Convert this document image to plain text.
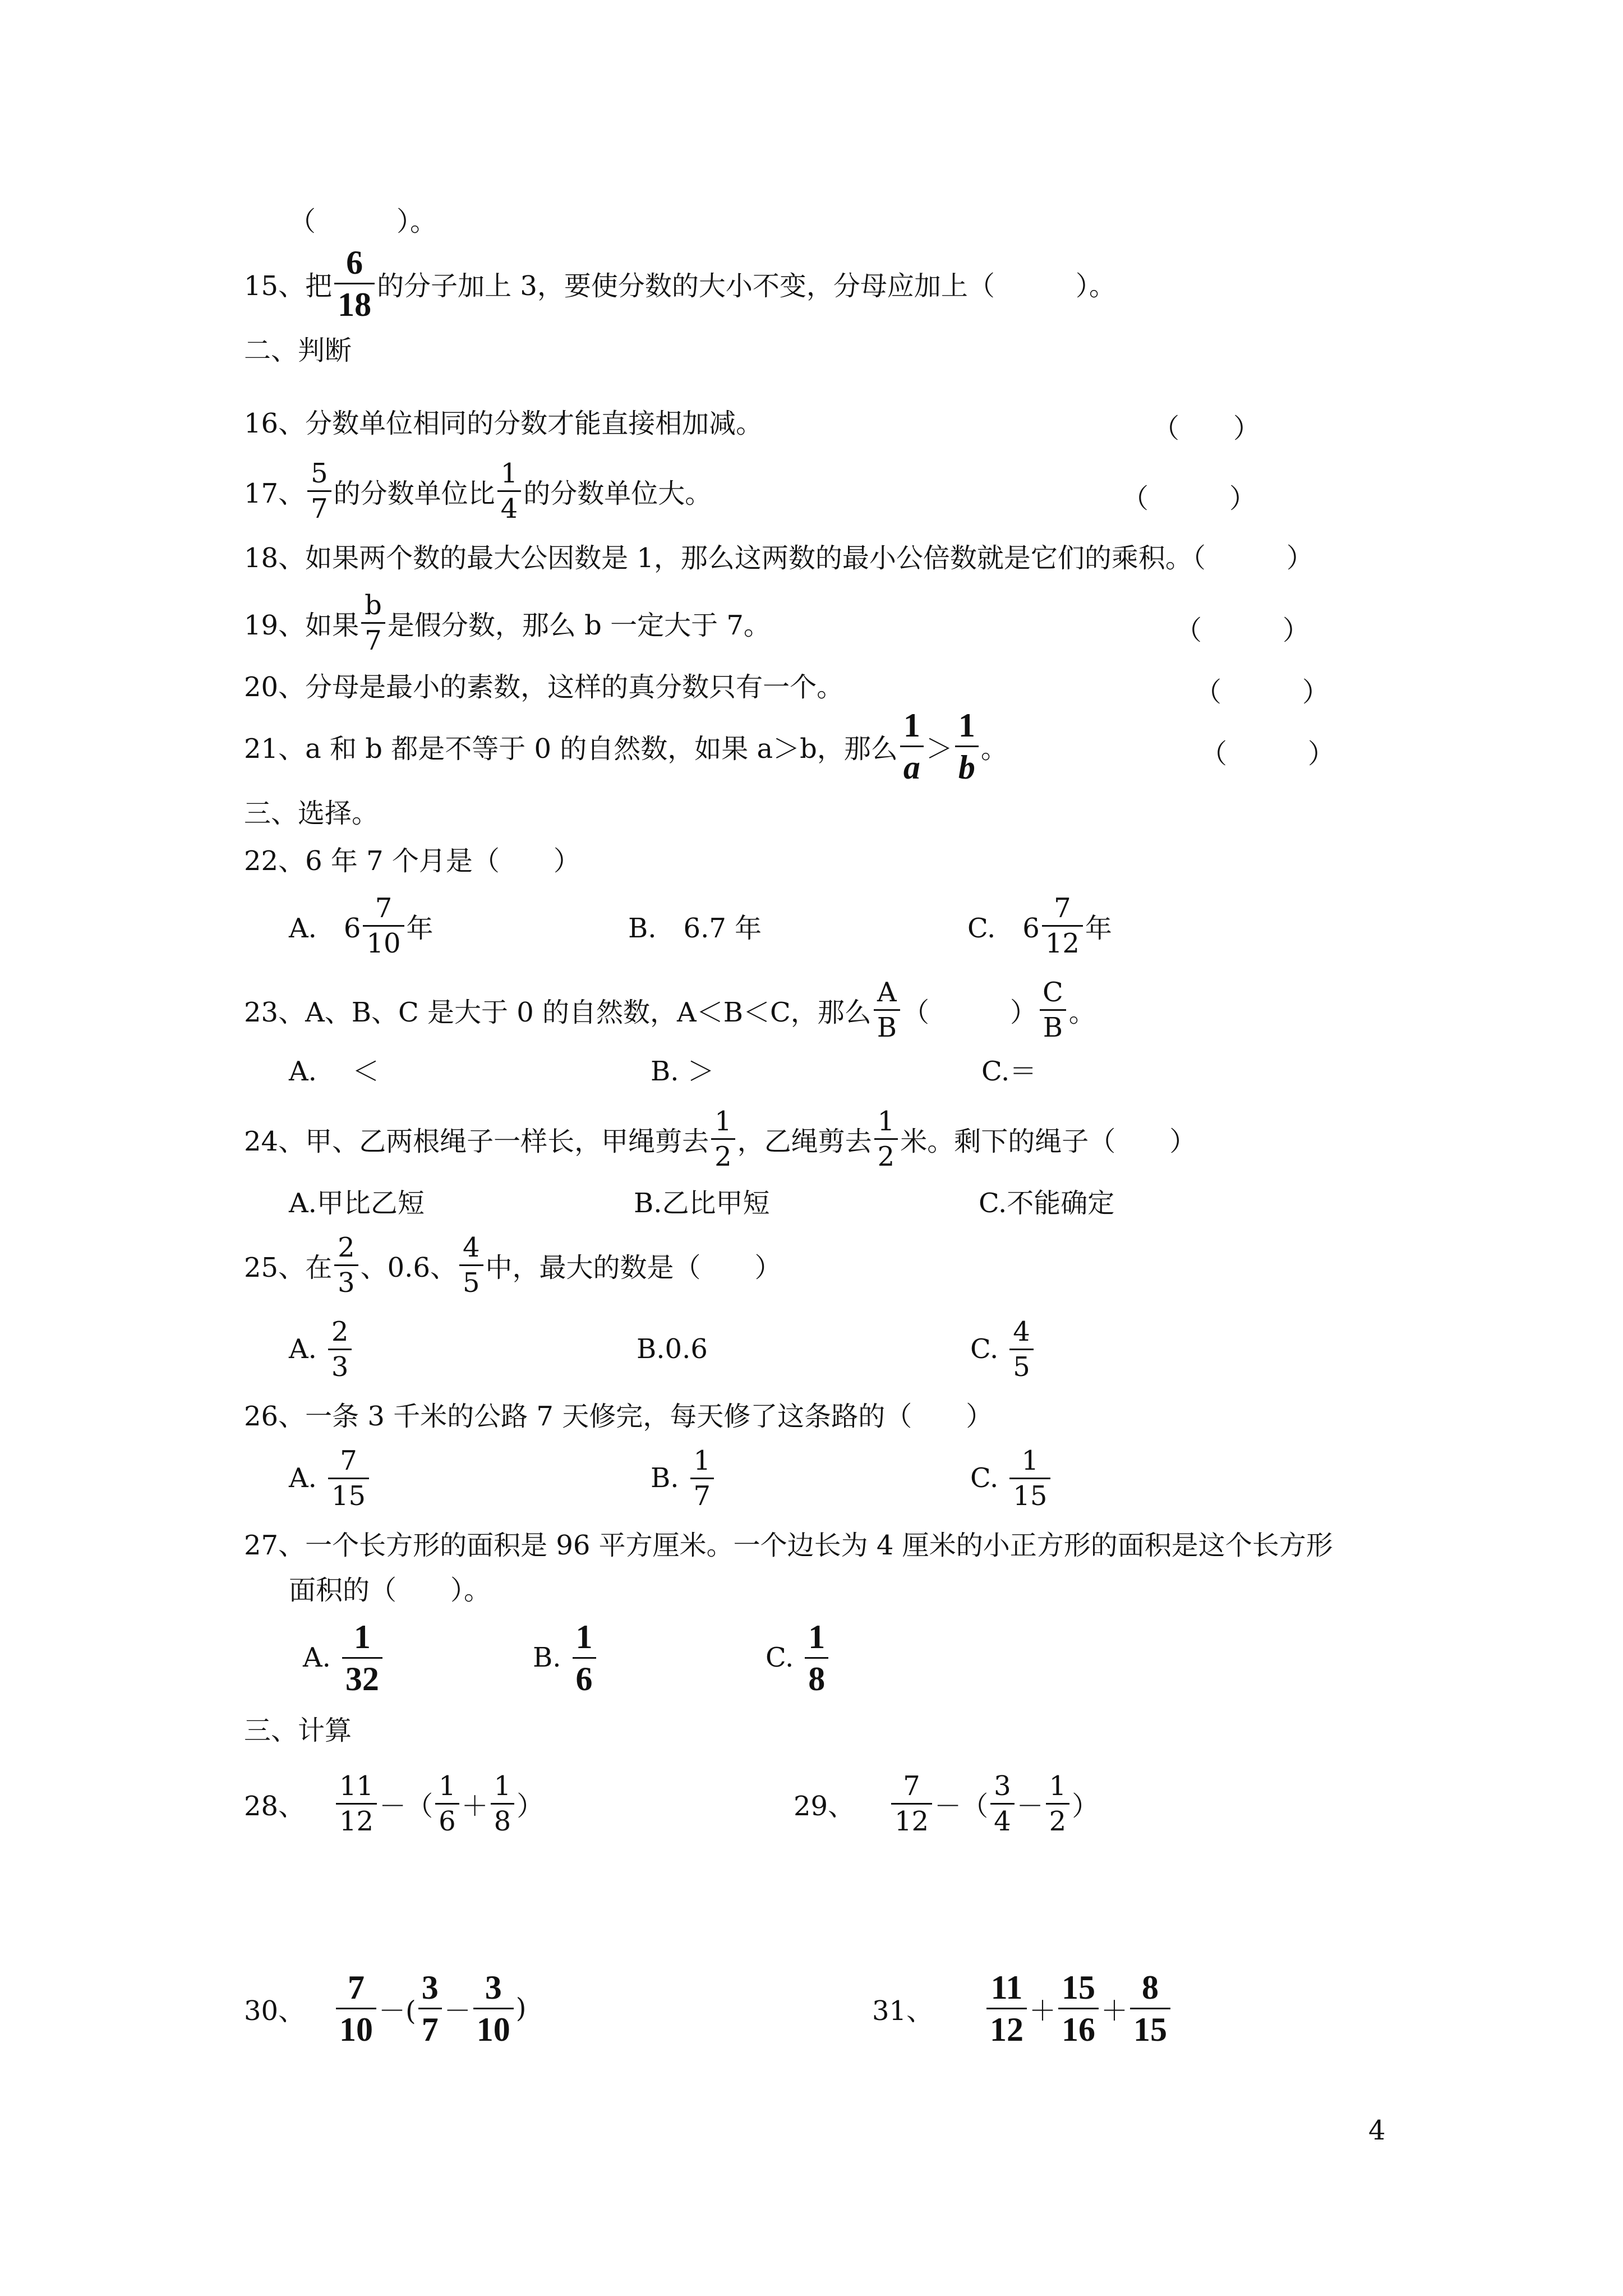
（　　　）。
15、把 $\frac{6}{18}$ 的分子加上 3，要使分数的大小不变，分母应加上（　　　）。
二、判断
16、分数单位相同的分数才能直接相加减。	（　　）
17、 $\frac{5}{7}$ 的分数单位比 $\frac{1}{4}$ 的分数单位大。	（　　　）
18、如果两个数的最大公因数是 1，那么这两数的最小公倍数就是它们的乘积。（　　　）
19、如果 $\frac{b}{7}$ 是假分数，那么 b 一定大于 7。	（　　　）
20、分母是最小的素数，这样的真分数只有一个。	（　　　）
21、a 和 b 都是不等于 0 的自然数，如果 a＞b，那么 $\frac{1}{a} > \frac{1}{b}$ 。	（　　　）
三、选择。
22、6 年 7 个月是（　　）
A.　$6 \frac{7}{10}$ 年	B.　6.7 年	C.　$6 \frac{7}{12}$ 年
23、A、B、C 是大于 0 的自然数，A＜B＜C，那么 $\frac{A}{B}$ （　　　） $\frac{C}{B}$ 。
A.　 ＜	B. ＞	C.＝
24、甲、乙两根绳子一样长，甲绳剪去 $\frac{1}{2}$ ，乙绳剪去 $\frac{1}{2}$ 米。剩下的绳子（　　）
A.甲比乙短	B.乙比甲短	C.不能确定
25、在 $\frac{2}{3}$ 、0.6、 $\frac{4}{5}$ 中，最大的数是（　　）
A. $\frac{2}{3}$	B.0.6	C. $\frac{4}{5}$
26、一条 3 千米的公路 7 天修完，每天修了这条路的（　　）
A. $\frac{7}{15}$	B. $\frac{1}{7}$	C. $\frac{1}{15}$
27、一个长方形的面积是 96 平方厘米。一个边长为 4 厘米的小正方形的面积是这个长方形
面积的（　　）。
A. $\frac{1}{32}$	B. $\frac{1}{6}$	C. $\frac{1}{8}$
三、计算
28、	$\frac{11}{12}$ －（ $\frac{1}{6} + \frac{1}{8}$ ）	29、	$\frac{7}{12}$ －（ $\frac{3}{4} - \frac{1}{2}$ ）
30、 $\frac{7}{10}$ －( $\frac{3}{7} - \frac{3}{10}$ )	31、	$\frac{11}{12} + \frac{15}{16} + \frac{8}{15}$
4
